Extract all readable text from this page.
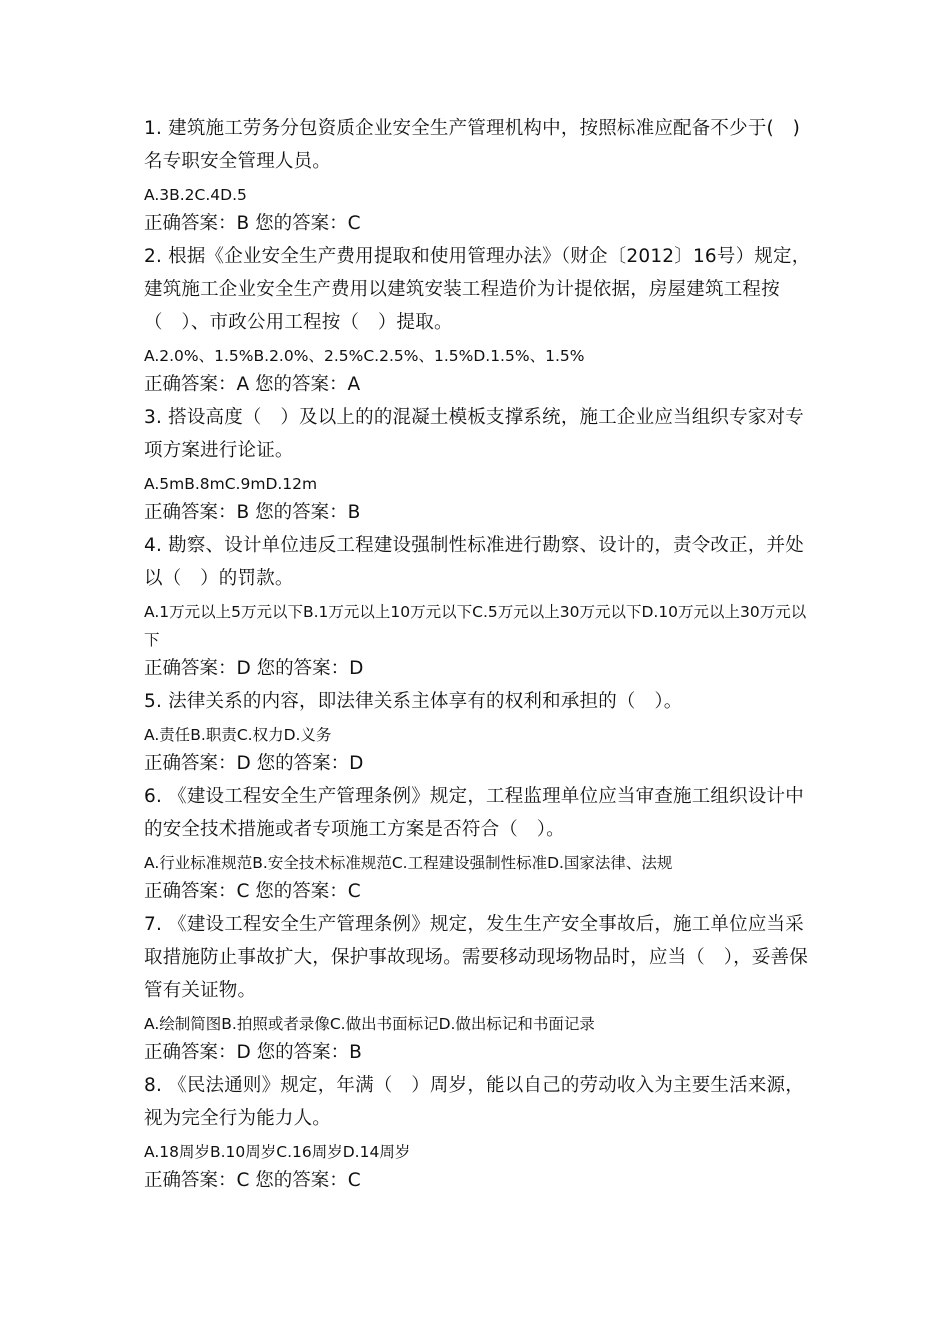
1. 建筑施工劳务分包资质企业安全生产管理机构中，按照标准应配备不少于(　)名专职安全管理人员。

A.3B.2C.4D.5

正确答案：B 您的答案：C

2. 根据《企业安全生产费用提取和使用管理办法》（财企〔2012〕16号）规定，建筑施工企业安全生产费用以建筑安装工程造价为计提依据，房屋建筑工程按（　）、市政公用工程按（　）提取。

A.2.0%、1.5%B.2.0%、2.5%C.2.5%、1.5%D.1.5%、1.5%

正确答案：A 您的答案：A

3. 搭设高度（　）及以上的的混凝土模板支撑系统，施工企业应当组织专家对专项方案进行论证。

A.5mB.8mC.9mD.12m

正确答案：B 您的答案：B

4. 勘察、设计单位违反工程建设强制性标准进行勘察、设计的，责令改正，并处以（　）的罚款。

A.1万元以上5万元以下B.1万元以上10万元以下C.5万元以上30万元以下D.10万元以上30万元以下

正确答案：D 您的答案：D

5. 法律关系的内容，即法律关系主体享有的权利和承担的（　）。

A.责任B.职责C.权力D.义务

正确答案：D 您的答案：D

6. 《建设工程安全生产管理条例》规定，工程监理单位应当审查施工组织设计中的安全技术措施或者专项施工方案是否符合（　）。

A.行业标准规范B.安全技术标准规范C.工程建设强制性标准D.国家法律、法规

正确答案：C 您的答案：C

7. 《建设工程安全生产管理条例》规定，发生生产安全事故后，施工单位应当采取措施防止事故扩大，保护事故现场。需要移动现场物品时，应当（　），妥善保管有关证物。

A.绘制简图B.拍照或者录像C.做出书面标记D.做出标记和书面记录

正确答案：D 您的答案：B

8. 《民法通则》规定，年满（　）周岁，能以自己的劳动收入为主要生活来源，视为完全行为能力人。

A.18周岁B.10周岁C.16周岁D.14周岁

正确答案：C 您的答案：C
